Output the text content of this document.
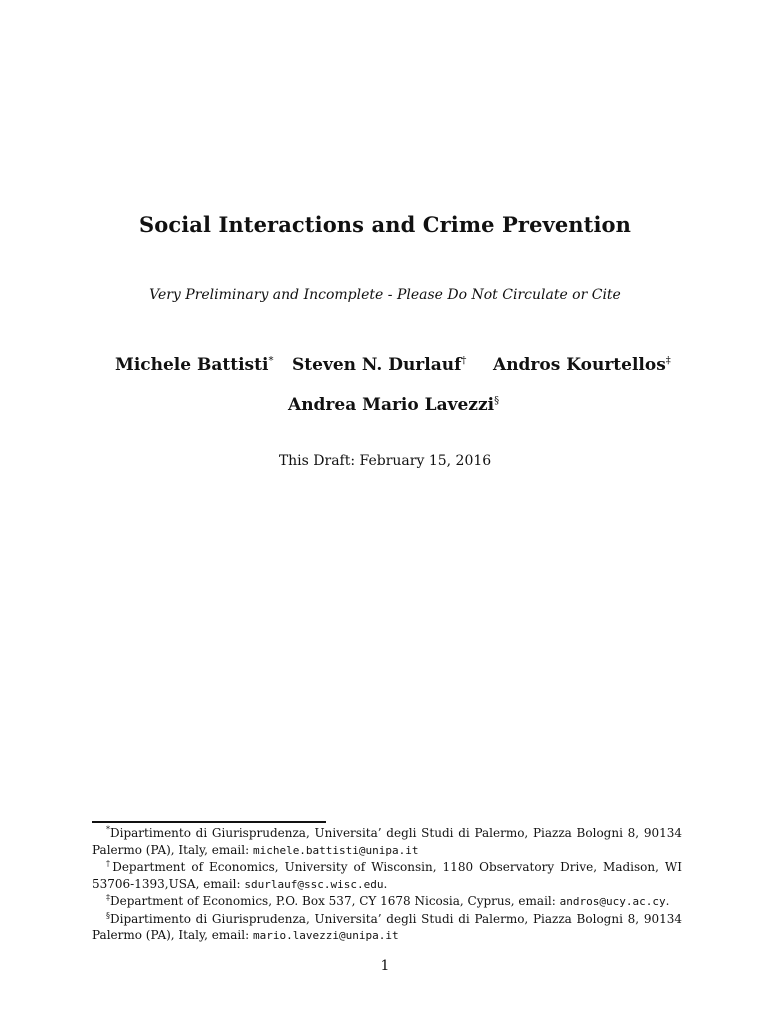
Social Interactions and Crime Prevention
Very Preliminary and Incomplete - Please Do Not Circulate or Cite
Michele Battisti* Steven N. Durlauf† Andros Kourtellos‡
Andrea Mario Lavezzi§
This Draft: February 15, 2016

*Dipartimento di Giurisprudenza, Universita’ degli Studi di Palermo, Piazza Bologni 8, 90134 Palermo (PA), Italy, email: michele.battisti@unipa.it

†Department of Economics, University of Wisconsin, 1180 Observatory Drive, Madison, WI 53706-1393,USA, email: sdurlauf@ssc.wisc.edu.

‡Department of Economics, P.O. Box 537, CY 1678 Nicosia, Cyprus, email: andros@ucy.ac.cy.

§Dipartimento di Giurisprudenza, Universita’ degli Studi di Palermo, Piazza Bologni 8, 90134 Palermo (PA), Italy, email: mario.lavezzi@unipa.it

1
